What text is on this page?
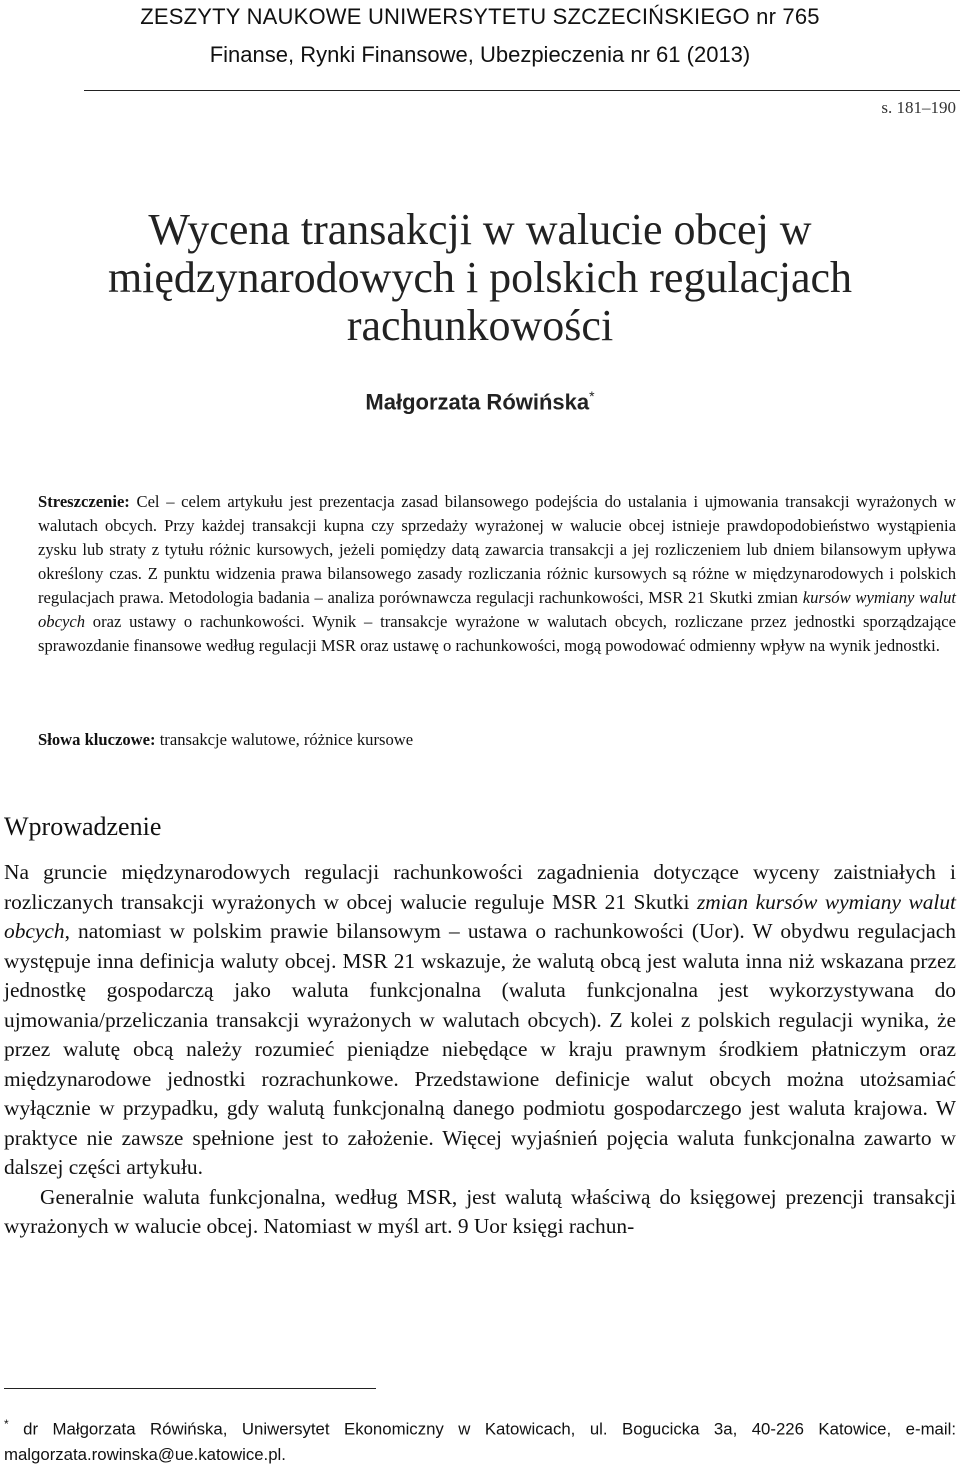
ZESZYTY NAUKOWE UNIWERSYTETU SZCZECIŃSKIEGO nr 765
Finanse, Rynki Finansowe, Ubezpieczenia nr 61 (2013)
s. 181–190
Wycena transakcji w walucie obcej w międzynarodowych i polskich regulacjach rachunkowości
Małgorzata Rówińska*

Streszczenie: Cel – celem artykułu jest prezentacja zasad bilansowego podejścia do ustalania i ujmowania transakcji wyrażonych w walutach obcych. Przy każdej transakcji kupna czy sprzedaży wyrażonej w walucie obcej istnieje prawdopodobieństwo wystąpienia zysku lub straty z tytułu różnic kursowych, jeżeli pomiędzy datą zawarcia transakcji a jej rozliczeniem lub dniem bilansowym upływa określony czas. Z punktu widzenia prawa bilansowego zasady rozliczania różnic kursowych są różne w międzynarodowych i polskich regulacjach prawa. Metodologia badania – analiza porównawcza regulacji rachunkowości, MSR 21 Skutki zmian kursów wymiany walut obcych oraz ustawy o rachunkowości. Wynik – transakcje wyrażone w walutach obcych, rozliczane przez jednostki sporządzające sprawozdanie finansowe według regulacji MSR oraz ustawę o rachunkowości, mogą powodować odmienny wpływ na wynik jednostki.

Słowa kluczowe: transakcje walutowe, różnice kursowe
Wprowadzenie

Na gruncie międzynarodowych regulacji rachunkowości zagadnienia dotyczące wyceny zaistniałych i rozliczanych transakcji wyrażonych w obcej walucie reguluje MSR 21 Skutki zmian kursów wymiany walut obcych, natomiast w polskim prawie bilansowym – ustawa o rachunkowości (Uor). W obydwu regulacjach występuje inna definicja waluty obcej. MSR 21 wskazuje, że walutą obcą jest waluta inna niż wskazana przez jednostkę gospodarczą jako waluta funkcjonalna (waluta funkcjonalna jest wykorzystywana do ujmowania/przeliczania transakcji wyrażonych w walutach obcych). Z kolei z polskich regulacji wynika, że przez walutę obcą należy rozumieć pieniądze niebędące w kraju prawnym środkiem płatniczym oraz międzynarodowe jednostki rozrachunkowe. Przedstawione definicje walut obcych można utożsamiać wyłącznie w przypadku, gdy walutą funkcjonalną danego podmiotu gospodarczego jest waluta krajowa. W praktyce nie zawsze spełnione jest to założenie. Więcej wyjaśnień pojęcia waluta funkcjonalna zawarto w dalszej części artykułu.

Generalnie waluta funkcjonalna, według MSR, jest walutą właściwą do księgowej prezencji transakcji wyrażonych w walucie obcej. Natomiast w myśl art. 9 Uor księgi rachun-

* dr Małgorzata Rówińska, Uniwersytet Ekonomiczny w Katowicach, ul. Bogucicka 3a, 40-226 Katowice, e-mail: malgorzata.rowinska@ue.katowice.pl.
